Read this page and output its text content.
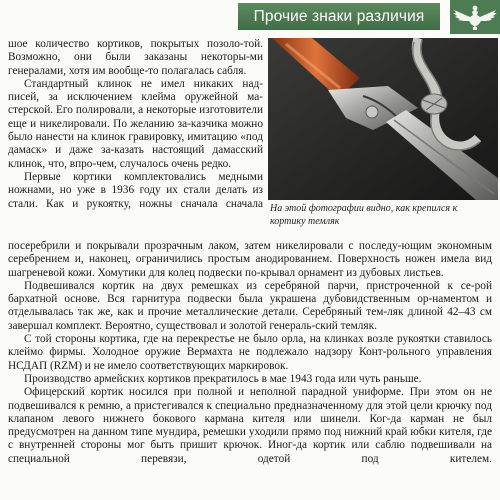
Прочие знаки различия

шое количество кортиков, покрытых позоло-той. Возможно, они были заказаны некоторы-ми генералами, хотя им вообще-то полагалась сабля.

Стандартный клинок не имел никаких над-писей, за исключением клейма оружейной ма-стерской. Его полировали, а некоторые изготовители еще и никелировали. По желанию за-казчика можно было нанести на клинок гравировку, имитацию «под дамаск» и даже за-казать настоящий дамасский клинок, что, впро-чем, случалось очень редко.

Первые кортики комплектовались медными ножнами, но уже в 1936 году их стали делать из стали. Как и рукоятку, ножны сначала сначала На этой фотографии видно, как крепился к кортику темляк

посеребрили и покрывали прозрачным лаком, затем никелировали с последу-ющим экономным серебрением и, наконец, ограничились простым анодированием. Поверхность ножен имела вид шагреневой кожи. Хомутики для колец подвески по-крывал орнамент из дубовых листьев.

Подвешивался кортик на двух ремешках из серебряной парчи, пристроченной к се-рой бархатной основе. Вся гарнитура подвески была украшена дубовидственным ор-наментом и отделывалась так же, как и прочие металлические детали. Серебряный тем-ляк длиной 42–43 см завершал комплект. Вероятно, существовал и золотой генераль-ский темляк.

С той стороны кортика, где на перекрестье не было орла, на клинках возле рукоятки ставилось клеймо фирмы. Холодное оружие Вермахта не подлежало надзору Конт-рольного управления НСДАП (RZM) и не имело соответствующих маркировок.

Производство армейских кортиков прекратилось в мае 1943 года или чуть раньше.

Офицерский кортик носился при полной и неполной парадной униформе. При этом он не подвешивался к ремню, а пристегивался к специально предназначенному для этой цели крючку под клапаном левого нижнего бокового кармана кителя или шинели. Ког-да карман не был предусмотрен на данном типе мундира, ремешки уходили прямо под нижний край юбки кителя, где с внутренней стороны мог быть пришит крючок. Иног-да кортик или саблю подвешивали на специальной перевязи, одетой под кителем.
